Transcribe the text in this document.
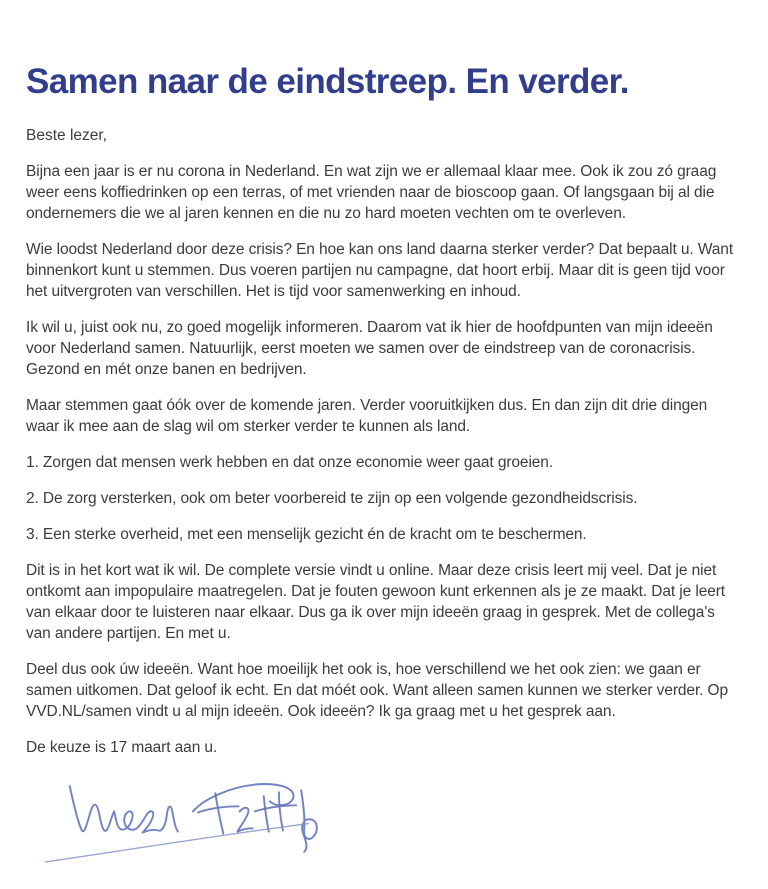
Samen naar de eindstreep. En verder.

Beste lezer,

Bijna een jaar is er nu corona in Nederland. En wat zijn we er allemaal klaar mee. Ook ik zou zó graag weer eens koffiedrinken op een terras, of met vrienden naar de bioscoop gaan. Of langsgaan bij al die ondernemers die we al jaren kennen en die nu zo hard moeten vechten om te overleven.

Wie loodst Nederland door deze crisis? En hoe kan ons land daarna sterker verder? Dat bepaalt u. Want binnenkort kunt u stemmen. Dus voeren partijen nu campagne, dat hoort erbij. Maar dit is geen tijd voor het uitvergroten van verschillen. Het is tijd voor samenwerking en inhoud.

Ik wil u, juist ook nu, zo goed mogelijk informeren. Daarom vat ik hier de hoofdpunten van mijn ideeën voor Nederland samen. Natuurlijk, eerst moeten we samen over de eindstreep van de coronacrisis. Gezond en mét onze banen en bedrijven.

Maar stemmen gaat óók over de komende jaren. Verder vooruitkijken dus. En dan zijn dit drie dingen waar ik mee aan de slag wil om sterker verder te kunnen als land.

1. Zorgen dat mensen werk hebben en dat onze economie weer gaat groeien.

2. De zorg versterken, ook om beter voorbereid te zijn op een volgende gezondheidscrisis.

3. Een sterke overheid, met een menselijk gezicht én de kracht om te beschermen.

Dit is in het kort wat ik wil. De complete versie vindt u online. Maar deze crisis leert mij veel. Dat je niet ontkomt aan impopulaire maatregelen. Dat je fouten gewoon kunt erkennen als je ze maakt. Dat je leert van elkaar door te luisteren naar elkaar. Dus ga ik over mijn ideeën graag in gesprek. Met de collega's van andere partijen. En met u.

Deel dus ook úw ideeën. Want hoe moeilijk het ook is, hoe verschillend we het ook zien: we gaan er samen uitkomen. Dat geloof ik echt. En dat móét ook. Want alleen samen kunnen we sterker verder. Op VVD.NL/samen vindt u al mijn ideeën. Ook ideeën? Ik ga graag met u het gesprek aan.

De keuze is 17 maart aan u.
